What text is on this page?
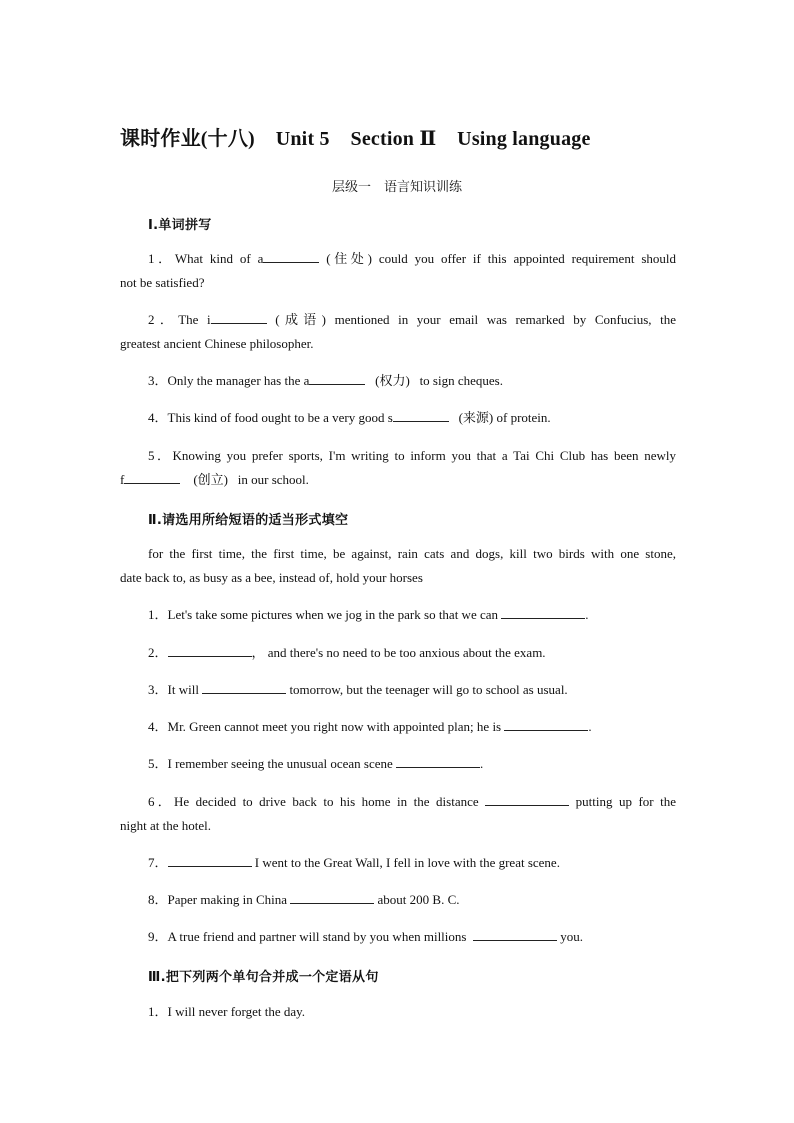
课时作业(十八)    Unit 5    Section Ⅱ    Using language
层级一    语言知识训练
Ⅰ.单词拼写
1．What kind of a	(住处) could you offer if this appointed requirement should
not be satisfied?
2．The i	(成语) mentioned in your email was remarked by Confucius, the
greatest ancient Chinese philosopher.
3．Only the manager has the a	(权力) to sign cheques.
4．This kind of food ought to be a very good s	(来源) of protein.
5．Knowing you prefer sports, I'm writing to inform you that a Tai Chi Club has been newly
f	(创立) in our school.
Ⅱ.请选用所给短语的适当形式填空
for the first time, the first time, be against, rain cats and dogs, kill two birds with one stone,
date back to, as busy as a bee, instead of, hold your horses
1．Let's take some pictures when we jog in the park so that we can	.
2．	， and there's no need to be too anxious about the exam.
3．It will	tomorrow, but the teenager will go to school as usual.
4．Mr. Green cannot meet you right now with appointed plan; he is	.
5．I remember seeing the unusual ocean scene	.
6．He decided to drive back to his home in the distance	putting up for the
night at the hotel.
7．	I went to the Great Wall, I fell in love with the great scene.
8．Paper making in China	about 200 B. C.
9．A true friend and partner will stand by you when millions	you.
Ⅲ.把下列两个单句合并成一个定语从句
1．I will never forget the day.
